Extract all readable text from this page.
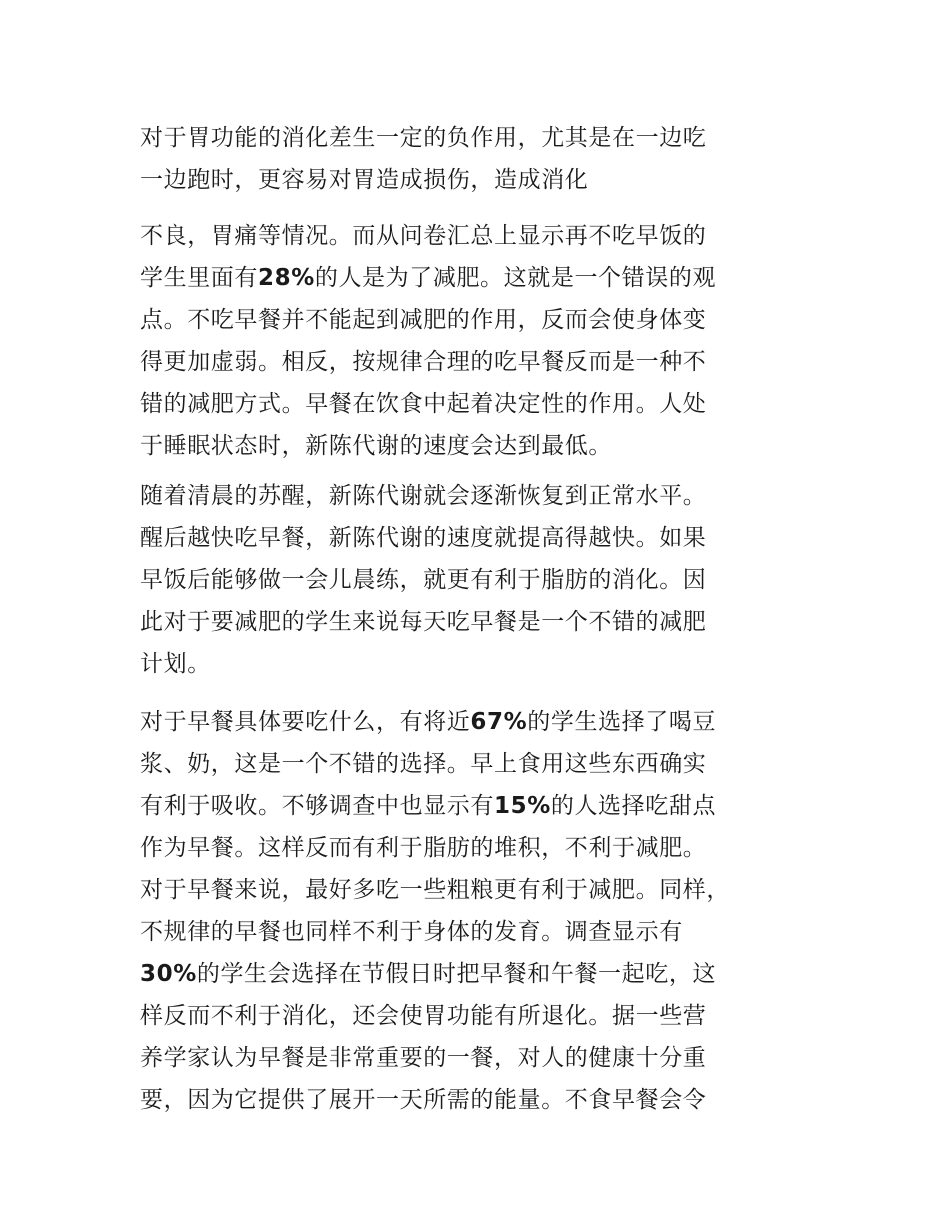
对于胃功能的消化差生一定的负作用，尤其是在一边吃
一边跑时，更容易对胃造成损伤，造成消化
不良，胃痛等情况。而从问卷汇总上显示再不吃早饭的
学生里面有28%的人是为了减肥。这就是一个错误的观
点。不吃早餐并不能起到减肥的作用，反而会使身体变
得更加虚弱。相反，按规律合理的吃早餐反而是一种不
错的减肥方式。早餐在饮食中起着决定性的作用。人处
于睡眠状态时，新陈代谢的速度会达到最低。
随着清晨的苏醒，新陈代谢就会逐渐恢复到正常水平。
醒后越快吃早餐，新陈代谢的速度就提高得越快。如果
早饭后能够做一会儿晨练，就更有利于脂肪的消化。因
此对于要减肥的学生来说每天吃早餐是一个不错的减肥
计划。
对于早餐具体要吃什么，有将近67%的学生选择了喝豆
浆、奶，这是一个不错的选择。早上食用这些东西确实
有利于吸收。不够调查中也显示有15%的人选择吃甜点
作为早餐。这样反而有利于脂肪的堆积，不利于减肥。
对于早餐来说，最好多吃一些粗粮更有利于减肥。同样，
不规律的早餐也同样不利于身体的发育。调查显示有
30%的学生会选择在节假日时把早餐和午餐一起吃，这
样反而不利于消化，还会使胃功能有所退化。据一些营
养学家认为早餐是非常重要的一餐，对人的健康十分重
要，因为它提供了展开一天所需的能量。不食早餐会令
